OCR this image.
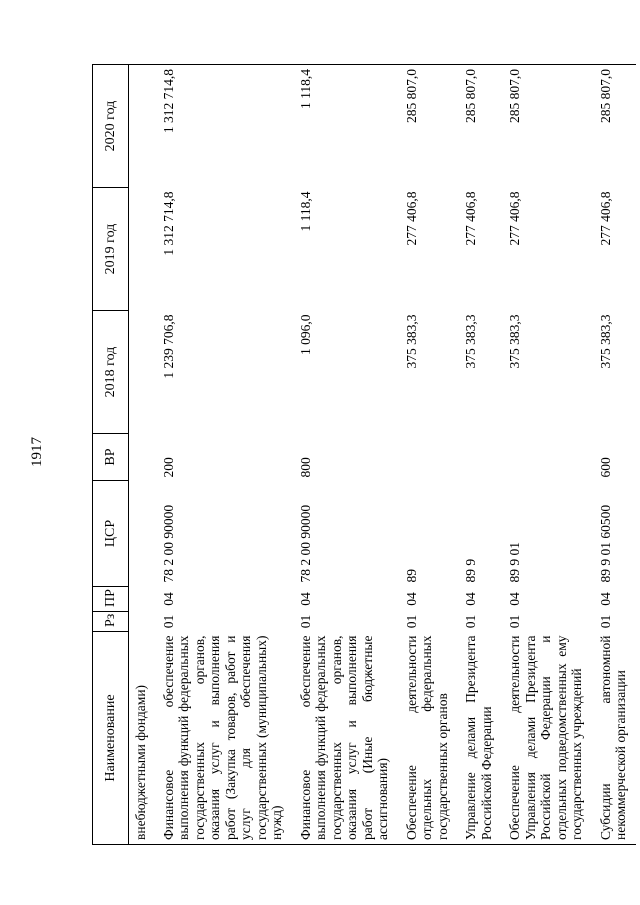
1917
Наименование	Рз	ПР	ЦСР	ВР	2018 год	2019 год	2020 год
внебюджетными фондами)							
Финансовое обеспечение выполнения функций федеральных государственных органов, оказания услуг и выполнения работ (Закупка товаров, работ и услуг для обеспечения государственных (муниципальных) нужд)	01	04	78 2 00 90000	200	1 239 706,8	1 312 714,8	1 312 714,8
Финансовое обеспечение выполнения функций федеральных государственных органов, оказания услуг и выполнения работ (Иные бюджетные ассигнования)	01	04	78 2 00 90000	800	1 096,0	1 118,4	1 118,4
Обеспечение деятельности отдельных федеральных государственных органов	01	04	89		375 383,3	277 406,8	285 807,0
Управление делами Президента Российской Федерации	01	04	89 9		375 383,3	277 406,8	285 807,0
Обеспечение деятельности Управления делами Президента Российской Федерации и отдельных подведомственных ему государственных учреждений	01	04	89 9 01		375 383,3	277 406,8	285 807,0
Субсидии автономной некоммерческой организации	01	04	89 9 01 60500	600	375 383,3	277 406,8	285 807,0
